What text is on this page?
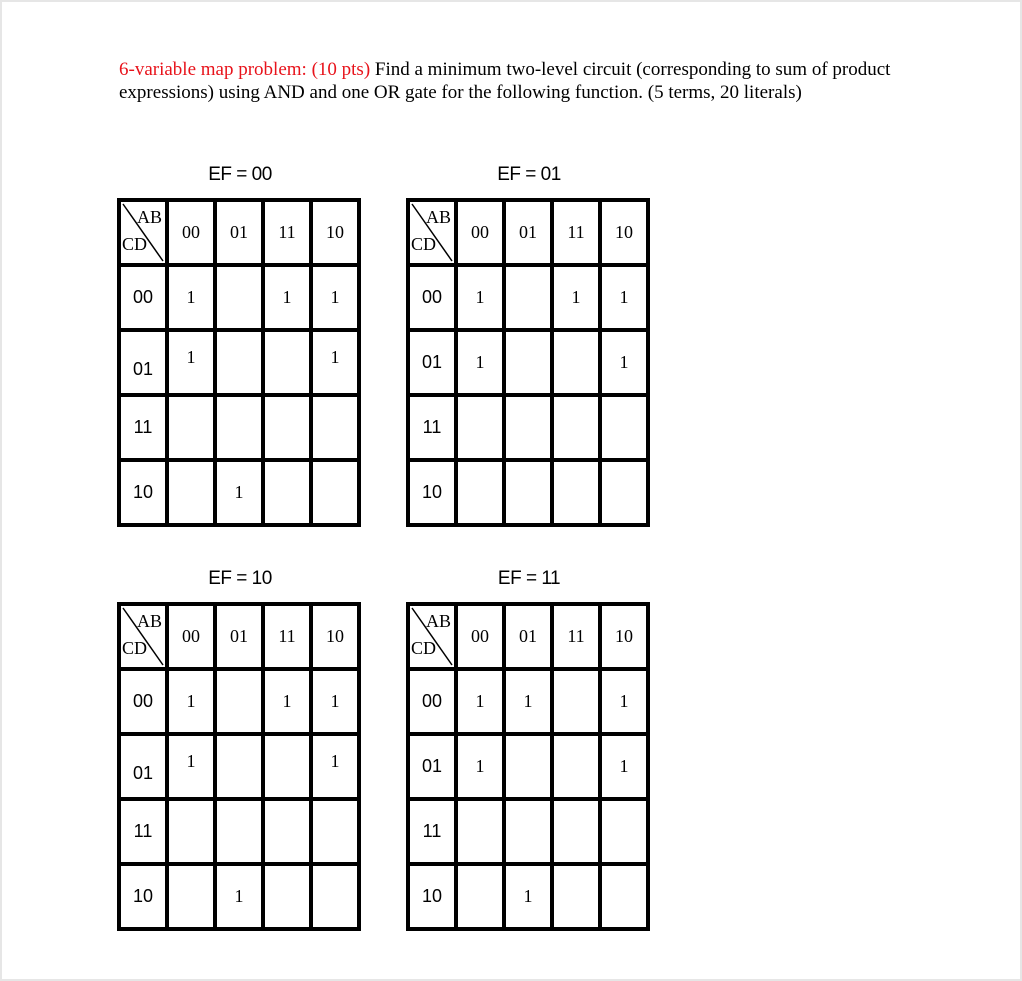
6-variable map problem: (10 pts) Find a minimum two-level circuit (corresponding to sum of product expressions) using AND and one OR gate for the following function. (5 terms, 20 literals)
EF = 00
AB
CD	00	01	11	10
00	1		1	1
01	1			1
11				
10		1		
EF = 01
AB
CD	00	01	11	10
00	1		1	1
01	1			1
11				
10				
EF = 10
AB
CD	00	01	11	10
00	1		1	1
01	1			1
11				
10		1		
EF = 11
AB
CD	00	01	11	10
00	1	1		1
01	1			1
11				
10		1		
